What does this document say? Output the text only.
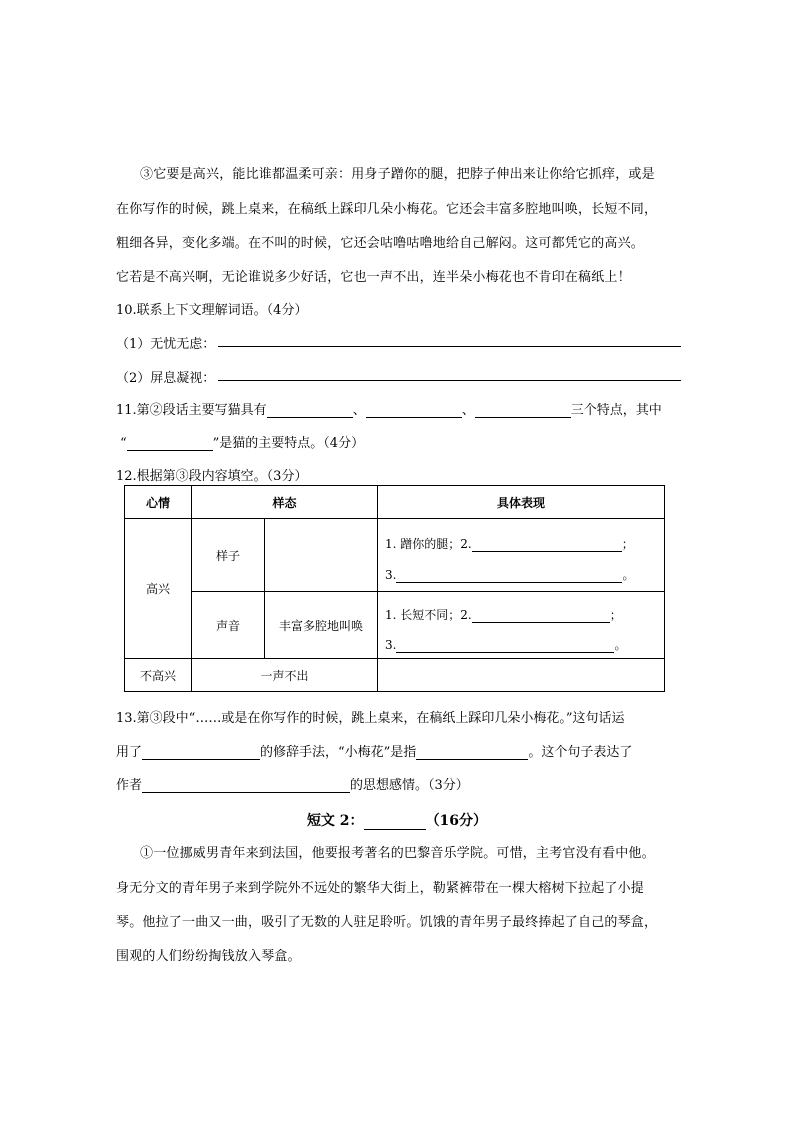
③它要是高兴，能比谁都温柔可亲：用身子蹭你的腿，把脖子伸出来让你给它抓痒，或是
在你写作的时候，跳上桌来，在稿纸上踩印几朵小梅花。它还会丰富多腔地叫唤，长短不同，
粗细各异，变化多端。在不叫的时候，它还会咕噜咕噜地给自己解闷。这可都凭它的高兴。
它若是不高兴啊，无论谁说多少好话，它也一声不出，连半朵小梅花也不肯印在稿纸上！
10.联系上下文理解词语。（4分）
（1）无忧无虑：
（2）屏息凝视：
11.第②段话主要写猫具有	、	、	三个特点，其中
“	”是猫的主要特点。（4分）
12.根据第③段内容填空。（3分）
心情	样态		具体表现
高兴	样子		1. 蹭你的腿；2. ；
3. 。

	声音	丰富多腔地叫唤	1. 长短不同；2. ；
3. 。

不高兴	一声不出		
13.第③段中“……或是在你写作的时候，跳上桌来，在稿纸上踩印几朵小梅花。”这句话运
用了	的修辞手法，“小梅花”是指	。这个句子表达了
作者	的思想感情。（3分）
短文 2：	（16分）
①一位挪威男青年来到法国，他要报考著名的巴黎音乐学院。可惜，主考官没有看中他。
身无分文的青年男子来到学院外不远处的繁华大街上，勒紧裤带在一棵大榕树下拉起了小提
琴。他拉了一曲又一曲，吸引了无数的人驻足聆听。饥饿的青年男子最终捧起了自己的琴盒，
围观的人们纷纷掏钱放入琴盒。
